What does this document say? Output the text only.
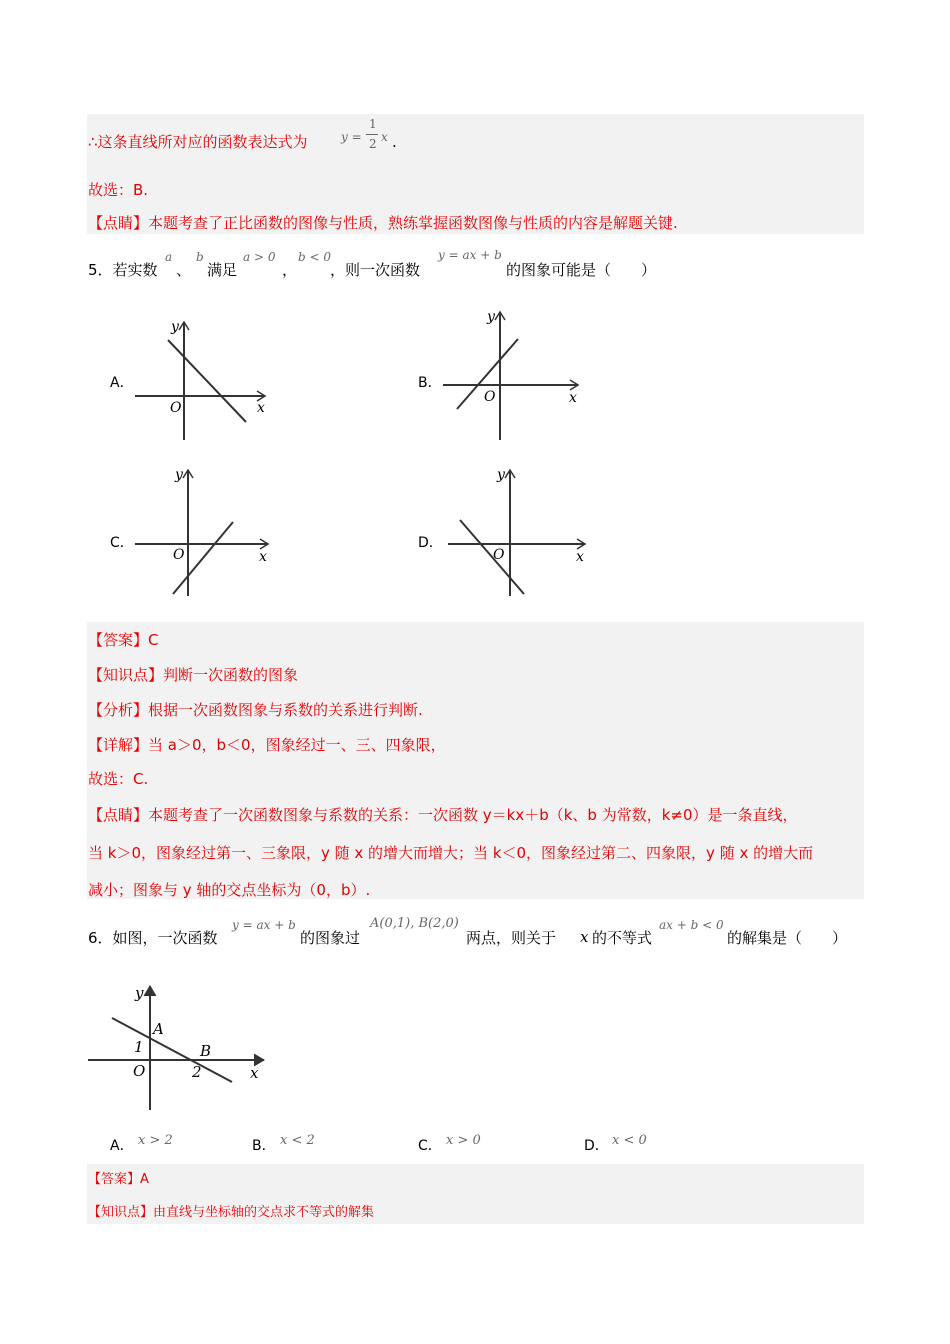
∴这条直线所对应的函数表达式为	y =
1
2 x .
故选：B.
【点睛】本题考查了正比函数的图像与性质，熟练掌握函数图像与性质的内容是解题关键.
5．若实数
a
、
b
满足
a > 0
，
b < 0
，则一次函数
y = ax + b
的图象可能是（　　）
A．
y
x
O
B．
y
x
O
C．
y
x
O
D．
y
x
O
【答案】C
【知识点】判断一次函数的图象
【分析】根据一次函数图象与系数的关系进行判断.
【详解】当 a＞0，b＜0，图象经过一、三、四象限，
故选：C.
【点睛】本题考查了一次函数图象与系数的关系：一次函数 y＝kx＋b（k、b 为常数，k≠0）是一条直线，
当 k＞0，图象经过第一、三象限，y 随 x 的增大而增大；当 k＜0，图象经过第二、四象限，y 随 x 的增大而
减小；图象与 y 轴的交点坐标为（0，b）.
6．如图，一次函数
y = ax + b
的图象过
A(0,1), B(2,0)
两点，则关于 x 的不等式
ax + b < 0
的解集是（　　）
y
A
1	B
O	2	x
A． x > 2	B． x < 2	C． x > 0	D． x < 0
【答案】A
【知识点】由直线与坐标轴的交点求不等式的解集
